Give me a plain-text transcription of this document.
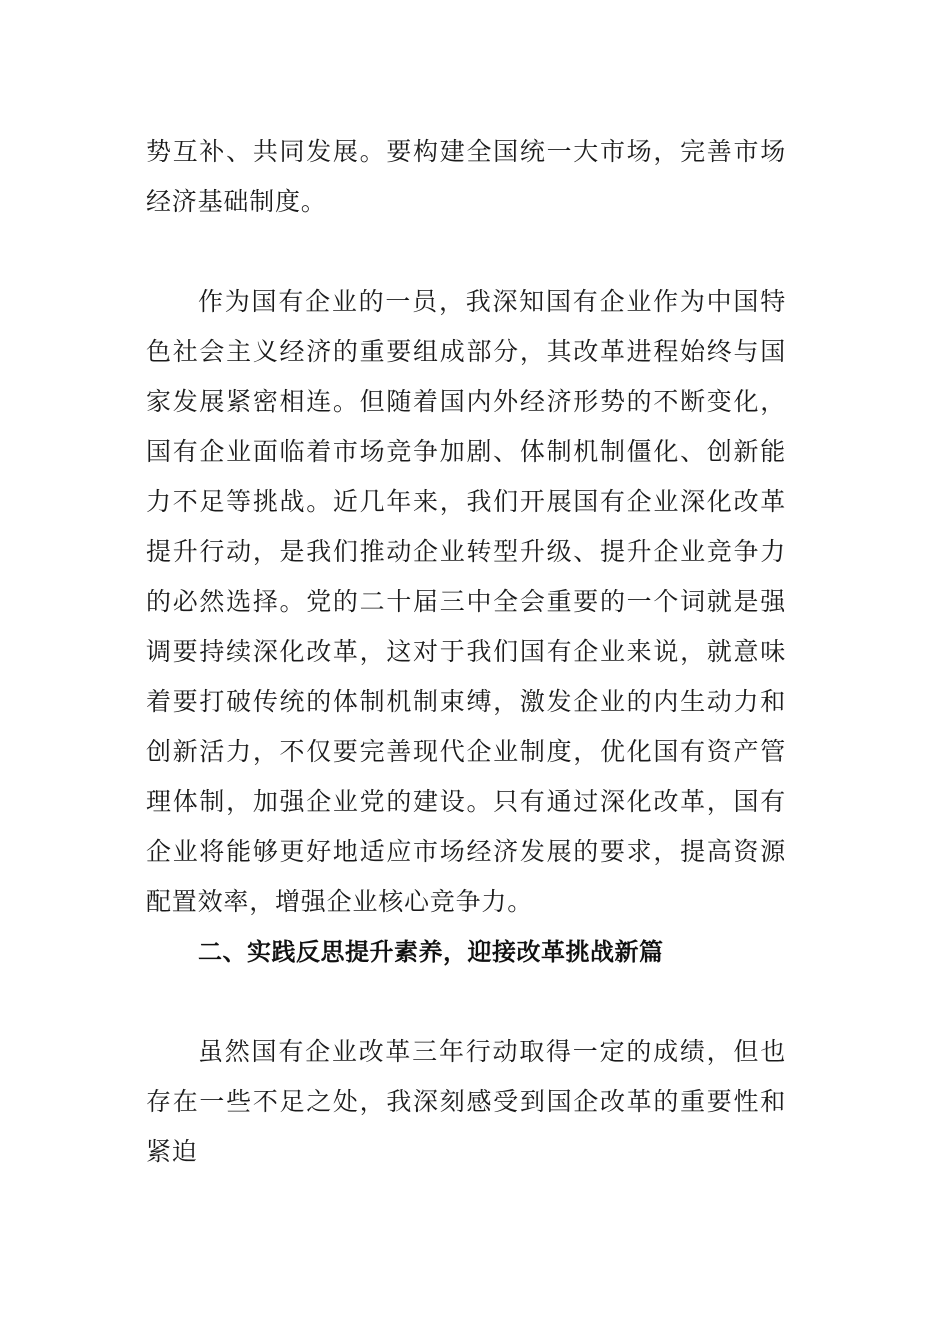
势互补、共同发展。要构建全国统一大市场，完善市场经济基础制度。

作为国有企业的一员，我深知国有企业作为中国特色社会主义经济的重要组成部分，其改革进程始终与国家发展紧密相连。但随着国内外经济形势的不断变化，国有企业面临着市场竞争加剧、体制机制僵化、创新能力不足等挑战。近几年来，我们开展国有企业深化改革提升行动，是我们推动企业转型升级、提升企业竞争力的必然选择。党的二十届三中全会重要的一个词就是强调要持续深化改革，这对于我们国有企业来说，就意味着要打破传统的体制机制束缚，激发企业的内生动力和创新活力，不仅要完善现代企业制度，优化国有资产管理体制，加强企业党的建设。只有通过深化改革，国有企业将能够更好地适应市场经济发展的要求，提高资源配置效率，增强企业核心竞争力。

二、实践反思提升素养，迎接改革挑战新篇

虽然国有企业改革三年行动取得一定的成绩，但也存在一些不足之处，我深刻感受到国企改革的重要性和紧迫
